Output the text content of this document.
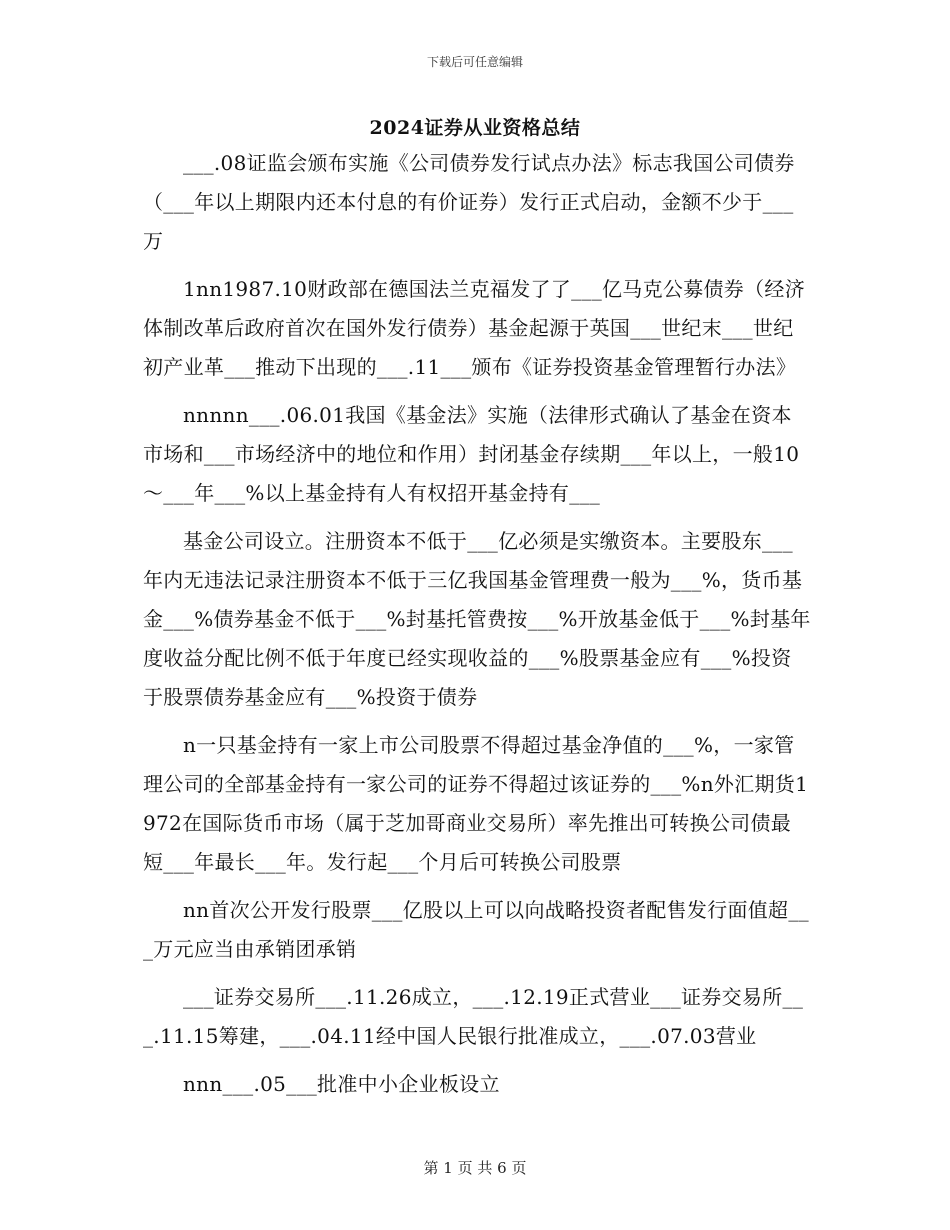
下载后可任意编辑
2024证券从业资格总结

___.08证监会颁布实施《公司债券发行试点办法》标志我国公司债券（___年以上期限内还本付息的有价证券）发行正式启动，金额不少于___万

1nn1987.10财政部在德国法兰克福发了了___亿马克公募债券（经济体制改革后政府首次在国外发行债券）基金起源于英国___世纪末___世纪初产业革___推动下出现的___.11___颁布《证券投资基金管理暂行办法》

nnnnn___.06.01我国《基金法》实施（法律形式确认了基金在资本市场和___市场经济中的地位和作用）封闭基金存续期___年以上，一般10～___年___%以上基金持有人有权招开基金持有___

基金公司设立。注册资本不低于___亿必须是实缴资本。主要股东___年内无违法记录注册资本不低于三亿我国基金管理费一般为___%，货币基金___%债券基金不低于___%封基托管费按___%开放基金低于___%封基年度收益分配比例不低于年度已经实现收益的___%股票基金应有___%投资于股票债券基金应有___%投资于债券

n一只基金持有一家上市公司股票不得超过基金净值的___%，一家管理公司的全部基金持有一家公司的证券不得超过该证券的___%n外汇期货1972在国际货币市场（属于芝加哥商业交易所）率先推出可转换公司债最短___年最长___年。发行起___个月后可转换公司股票

nn首次公开发行股票___亿股以上可以向战略投资者配售发行面值超___万元应当由承销团承销

___证券交易所___.11.26成立，___.12.19正式营业___证券交易所___.11.15筹建，___.04.11经中国人民银行批准成立，___.07.03营业

nnn___.05___批准中小企业板设立

第 1 页 共 6 页
